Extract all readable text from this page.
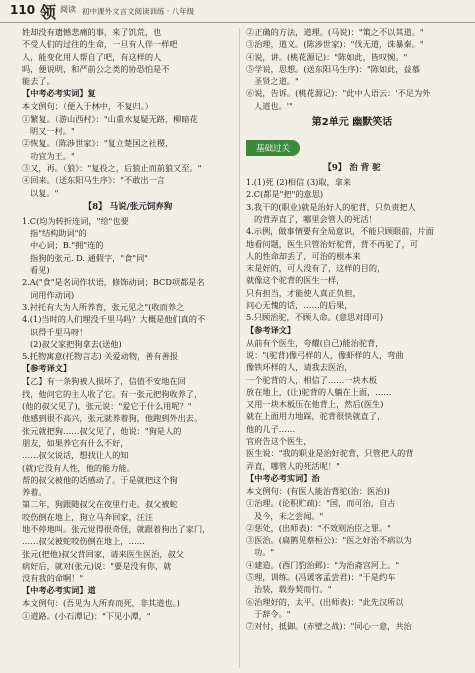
110 领 阅读 初中课外文言文阅读训练 · 八年级
姓却没有遗憾悲痛的事，来了饥荒，也
不受人们的过往的生命，一旦有人伴一样吧
人，能变化用人帮自了吧，有这样的人
吗，便说明，和严前公之类的协恐怕是不
能去了。
【中考必考实词】复
本文例句：（便入于林中，不复归。）
①繁复。（游山西村》："山重水复疑无路，柳暗花
明又一村。"
②恢复。（陈涉世家》："复立楚国之社稷，
功宜为王。"
③又，再。（狼》："复投之，后狼止而前狼又至。"
④回来。（送东阳马生序》："不敢出一言
以复。"
【8】 马说/张元饲弃狗
1.C(均为转折连词，"给"也要
指"结构助词"的
中心词；B."拥"连的
指狗的张元. D. 通假字，"食"同"
看见)
2.A("食"是名词作状语，修饰动词；BCD项都是名
词用作动词)
3.衬托有大为人所养育，张元见之"(收而养之
4.(1)当时的人们埋没千里马吗？大概是他们真的不
识得千里马呀！
(2)叔父家把狗拿去(送他)
5.托物寓意(托物言志) 关爱动物，善有善报
【参考译文】
【乙】有一条狗被人损坏了，信值不安地在回
找，他问它的主人收了它。有一张元把狗收养了，
(他的叔父见了)，张元说："爱它于什么用呢？"
他感到很不高兴，张元就养着狗，他跑到外出去。
张元就把狗……叔父见了，他说："狗是人的
朋友，如果养它有什么不好，
……叔父说话，想找让人的知
(就)它没有人性，他的能力能。
帮的叔父被他的话感动了。于是就把这个狗
养着。
第二年，狗跟随叔父在夜里行走。叔父被蛇
咬伤倒在地上，狗立马奔回家，汪汪
地不停地叫。张元觉得很奇怪，就跟着狗出了家门，
……叔父被蛇咬伤倒在地上，……
张元(把他)叔父背回家，请来医生医治，叔父
病好后，就对(张元)说："要是没有你，就
没有我的命啊！"
【中考必考实词】道
本文例句：(吾见为人所弃而死，非其道也。)
①道路。(小石潭记)："下见小潭，"
②正确的方法，道理。(马说)："策之不以其道。"
③治理，道义。(陈涉世家)："伐无道，诛暴秦。"
④说，讲。(桃花源记)："陈如此，皆叹惋。"
⑤学说，思想。(送东阳马生序)："陈如此，益慕
圣贤之道。"
⑥说，告诉。(桃花源记)："此中人语云：'不足为外
人道也。'"
第2单元 幽默笑话
基础过关
【9】 治 背 驼
1.(1)死 (2)相信 (3)取，拿来
2.C(都是"把"的意思)
3.我干的(职业)就是治好人的驼背，只负责把人
的背弄直了，哪里会管人的死活！
4.示例，做事情要有全局意识，不能只顾眼前，片面
地看问题，医生只管治好驼背，背不再驼了，可
人的性命却丢了，可治的根本来
末是好的，可人没有了，这样的目的，
就像这个驼背的医生一样，
只有担当，才能使人真正负担，
问心无愧的话，……的后果，
5.只顾治驼，不顾人命。(意思对即可)
【参考译文】
从前有个医生，夸耀(自己)能治驼背，
说："(驼背)像弓样的人，像虾样的人，弯曲
像铁环样的人，请我去医治，
一个驼背的人，相信了……一块木板
放在地上，(让)驼背的人躺在上面，……
又用一块木板压在他背上，然后(医生)
就在上面用力地踩，驼背很快就直了，
他的儿子……
官府告这个医生，
医生说："我的职业是治好驼背，只管把人的背
弄直，哪管人的死活呢！"
【中考必考实词】治
本文例句：(有医人能治背驼(治：医治))
①治理。(论积贮疏)："国，而可治，自古
及今，未之尝闻。"
②惩处，(出师表)："不效则治臣之罪。"
③医治。(扁鹊见蔡桓公)："医之好治不病以为
功。"
④建造。(西门豹治邺)："为治斋宫河上。"
⑤理，训练。(冯谖客孟尝君)："于是约车
治装，载券契而行。"
⑥治理好的，太平。(出师表)："此先汉所以
于辞令。"
⑦对付，抵御。(赤壁之战)："同心一意，共治
